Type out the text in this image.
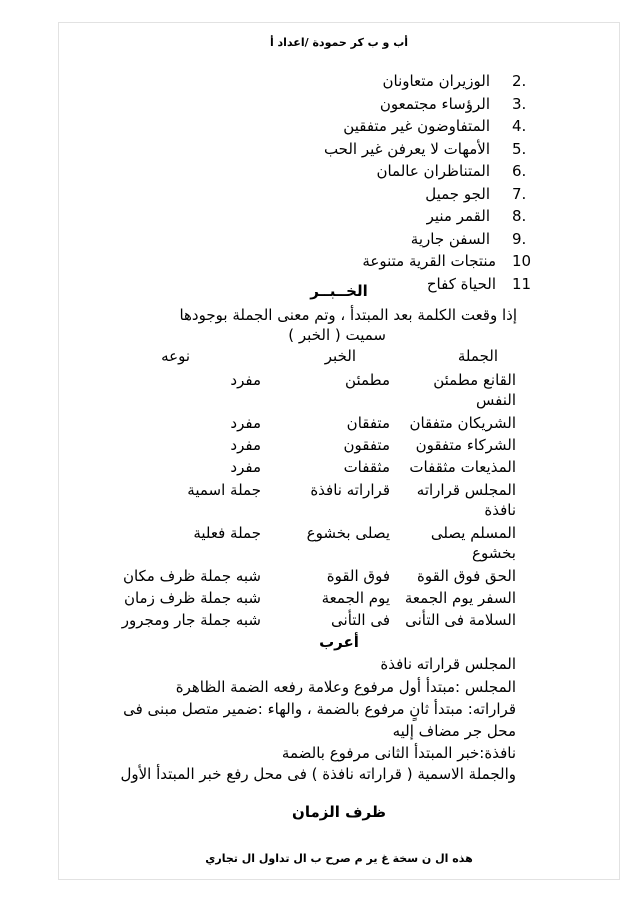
أب و ب كر حمودة /اعداد أ
2.
الوزيران متعاونان
3.
الرؤساء مجتمعون
4.
المتفاوضون غير متفقين
5.
الأمهات لا يعرفن غير الحب
6.
المتناظران عالمان
7.
الجو جميل
8.
القمر منير
9.
السفن جارية
10
منتجات القرية متنوعة
11
الحياة كفاح
الخــبــر
إذا وقعت الكلمة بعد المبتدأ ، وتم معنى الجملة بوجودها
سميت ( الخبر )
الجملة
الخبر
نوعه
القانع مطمئن
النفس
مطمئن
مفرد
الشريكان متفقان
متفقان
مفرد
الشركاء متفقون
متفقون
مفرد
المذيعات مثقفات
مثقفات
مفرد
المجلس قراراته
نافذة
قراراته نافذة
جملة اسمية
المسلم يصلى
بخشوع
يصلى بخشوع
جملة فعلية
الحق فوق القوة
فوق القوة
شبه جملة ظرف مكان
السفر يوم الجمعة
يوم الجمعة
شبه جملة ظرف زمان
السلامة فى التأنى
فى التأنى
شبه جملة جار ومجرور
أعرب
المجلس قراراته نافذة
المجلس :مبتدأ أول مرفوع وعلامة رفعه الضمة الظاهرة
قراراته: مبتدأ ثانٍ مرفوع بالضمة ، والهاء :ضمير متصل مبنى فى
محل جر مضاف إليه
نافذة:خبر المبتدأ الثانى مرفوع بالضمة
والجملة الاسمية ( قراراته نافذة ) فى محل رفع خبر المبتدأ الأول
ظرف الزمان
هذه ال ن سخة غ ير م صرح ب ال تداول ال تجاري
